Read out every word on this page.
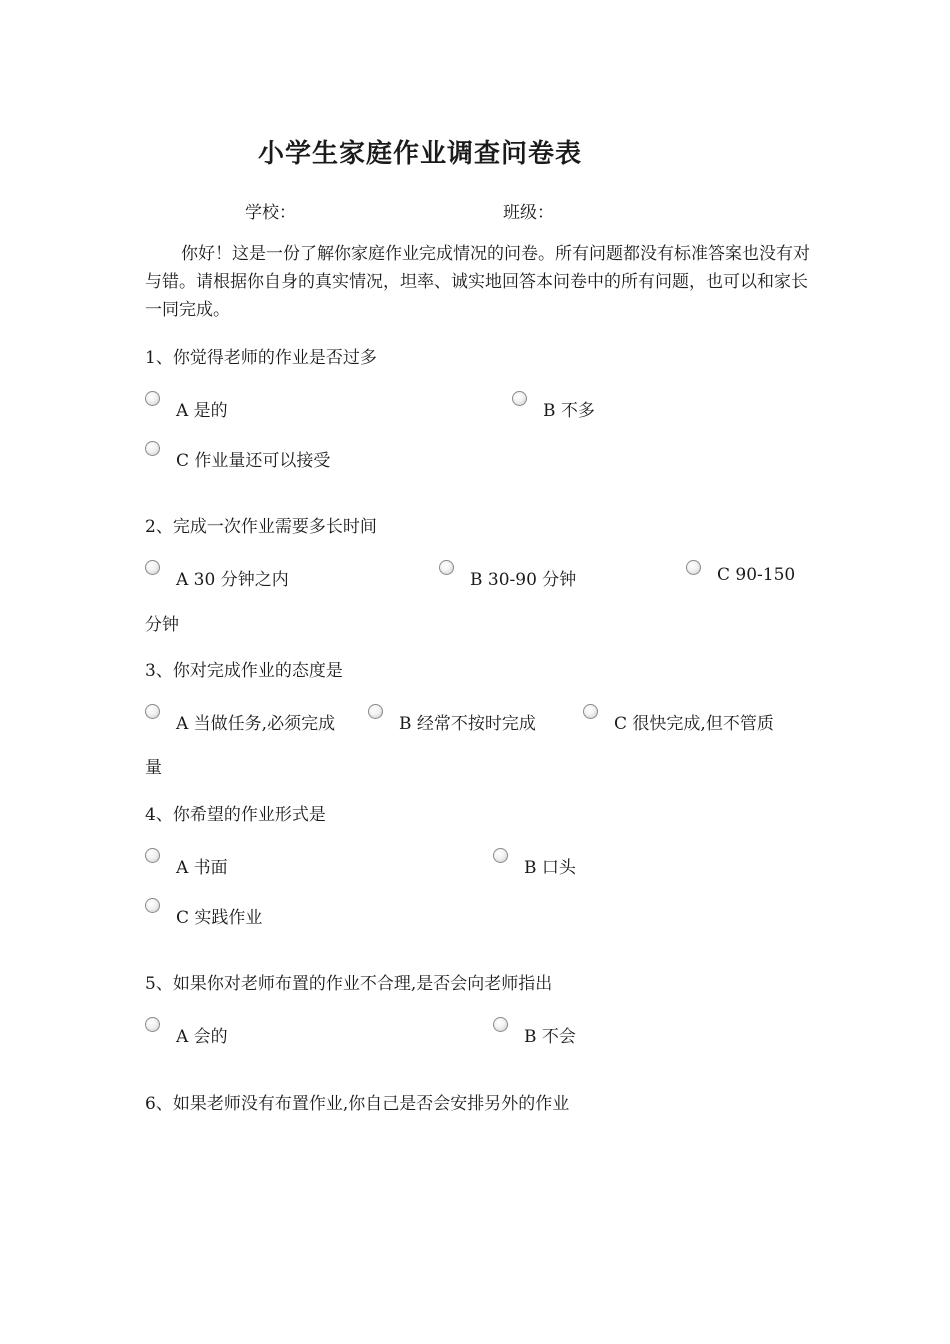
小学生家庭作业调查问卷表
学校：	班级：
你好！这是一份了解你家庭作业完成情况的问卷。所有问题都没有标准答案也没有对与错。请根据你自身的真实情况，坦率、诚实地回答本问卷中的所有问题，也可以和家长一同完成。
1、你觉得老师的作业是否过多
A 是的	B 不多
C 作业量还可以接受
2、完成一次作业需要多长时间
A 30 分钟之内	B 30-90 分钟	C 90-150
分钟
3、你对完成作业的态度是
A 当做任务,必须完成	B 经常不按时完成	C 很快完成,但不管质
量
4、你希望的作业形式是
A 书面	B 口头
C 实践作业
5、如果你对老师布置的作业不合理,是否会向老师指出
A 会的	B 不会
6、如果老师没有布置作业,你自己是否会安排另外的作业
